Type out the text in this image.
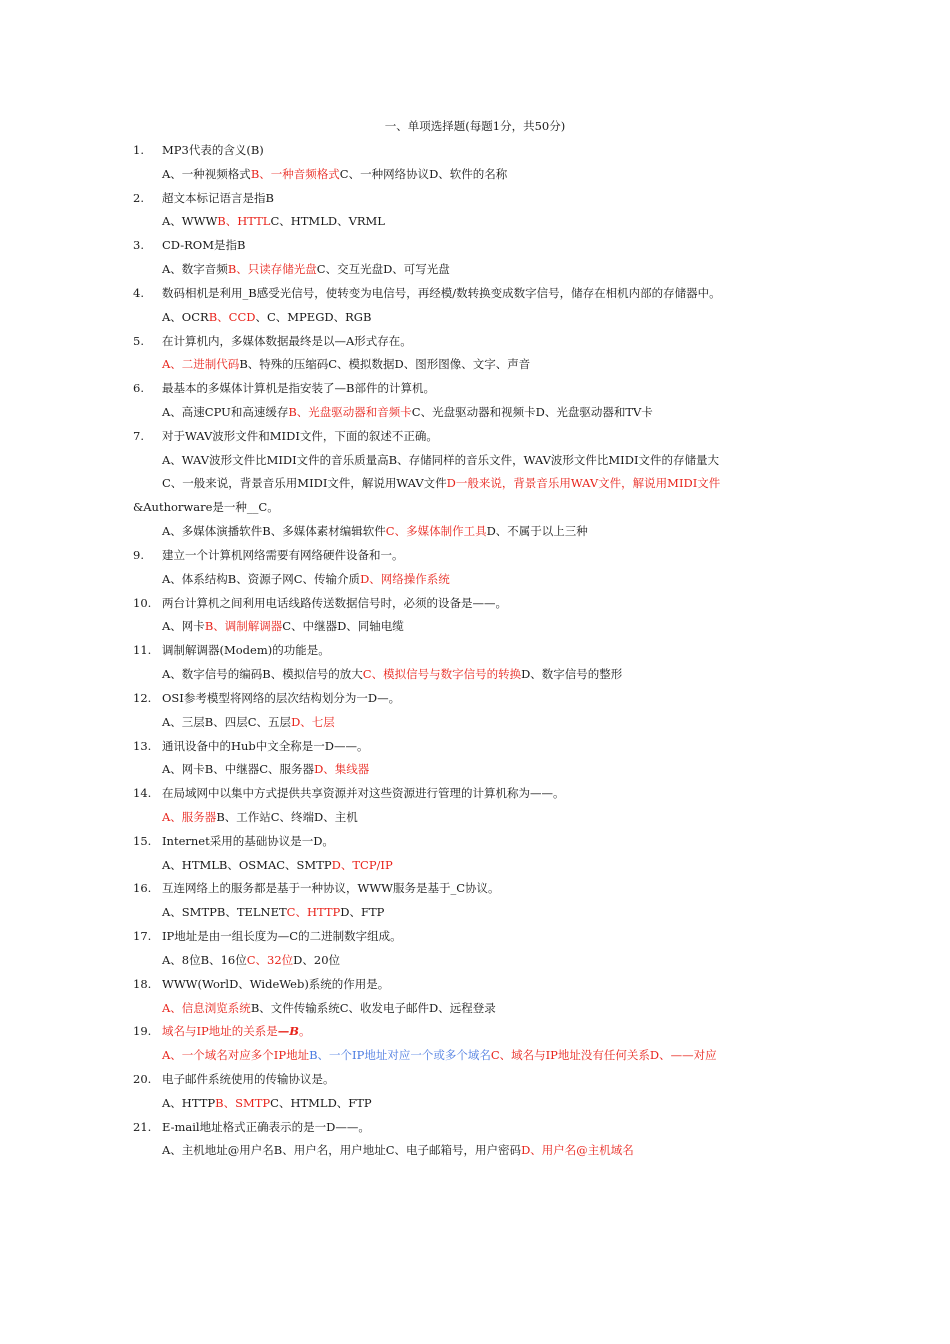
一、单项选择题(每题1分，共50分)
1. MP3代表的含义(B)
A、一种视频格式B、一种音频格式C、一种网络协议D、软件的名称
2. 超文本标记语言是指B
A、WWWB、HTTLC、HTMLD、VRML
3. CD-ROM是指B
A、数字音频B、只读存储光盘C、交互光盘D、可写光盘
4. 数码相机是利用_B感受光信号，使转变为电信号，再经模/数转换变成数字信号，储存在相机内部的存储器中。
A、OCRB、CCD、C、MPEGD、RGB
5. 在计算机内，多媒体数据最终是以—A形式存在。
A、二进制代码B、特殊的压缩码C、模拟数据D、图形图像、文字、声音
6. 最基本的多媒体计算机是指安装了—B部件的计算机。
A、高速CPU和高速缓存B、光盘驱动器和音频卡C、光盘驱动器和视频卡D、光盘驱动器和TV卡
7. 对于WAV波形文件和MIDI文件，下面的叙述不正确。
A、WAV波形文件比MIDI文件的音乐质量高B、存储同样的音乐文件，WAV波形文件比MIDI文件的存储量大
C、一般来说，背景音乐用MIDI文件，解说用WAV文件D一般来说，背景音乐用WAV文件，解说用MIDI文件
&Authorware是一种__C。
A、多媒体演播软件B、多媒体素材编辑软件C、多媒体制作工具D、不属于以上三种
9. 建立一个计算机网络需要有网络硬件设备和一。
A、体系结构B、资源子网C、传输介质D、网络操作系统
10. 两台计算机之间利用电话线路传送数据信号时，必须的设备是——。
A、网卡B、调制解调器C、中继器D、同轴电缆
11. 调制解调器(Modem)的功能是。
A、数字信号的编码B、模拟信号的放大C、模拟信号与数字信号的转换D、数字信号的整形
12. OSI参考模型将网络的层次结构划分为一D—。
A、三层B、四层C、五层D、七层
13. 通讯设备中的Hub中文全称是一D——。
A、网卡B、中继器C、服务器D、集线器
14. 在局域网中以集中方式提供共享资源并对这些资源进行管理的计算机称为——。
A、服务器B、工作站C、终端D、主机
15. Internet采用的基础协议是一D。
A、HTMLB、OSMAC、SMTPD、TCP/IP
16. 互连网络上的服务都是基于一种协议，WWW服务是基于_C协议。
A、SMTPB、TELNETC、HTTPD、FTP
17. IP地址是由一组长度为—C的二进制数字组成。
A、8位B、16位C、32位D、20位
18. WWW(WorlD、WideWeb)系统的作用是。
A、信息浏览系统B、文件传输系统C、收发电子邮件D、远程登录
19. 域名与IP地址的关系是—B。
A、一个域名对应多个IP地址B、一个IP地址对应一个或多个域名C、域名与IP地址没有任何关系D、——对应
20. 电子邮件系统使用的传输协议是。
A、HTTPB、SMTPC、HTMLD、FTP
21. E-mail地址格式正确表示的是一D——。
A、主机地址@用户名B、用户名，用户地址C、电子邮箱号，用户密码D、用户名@主机域名
